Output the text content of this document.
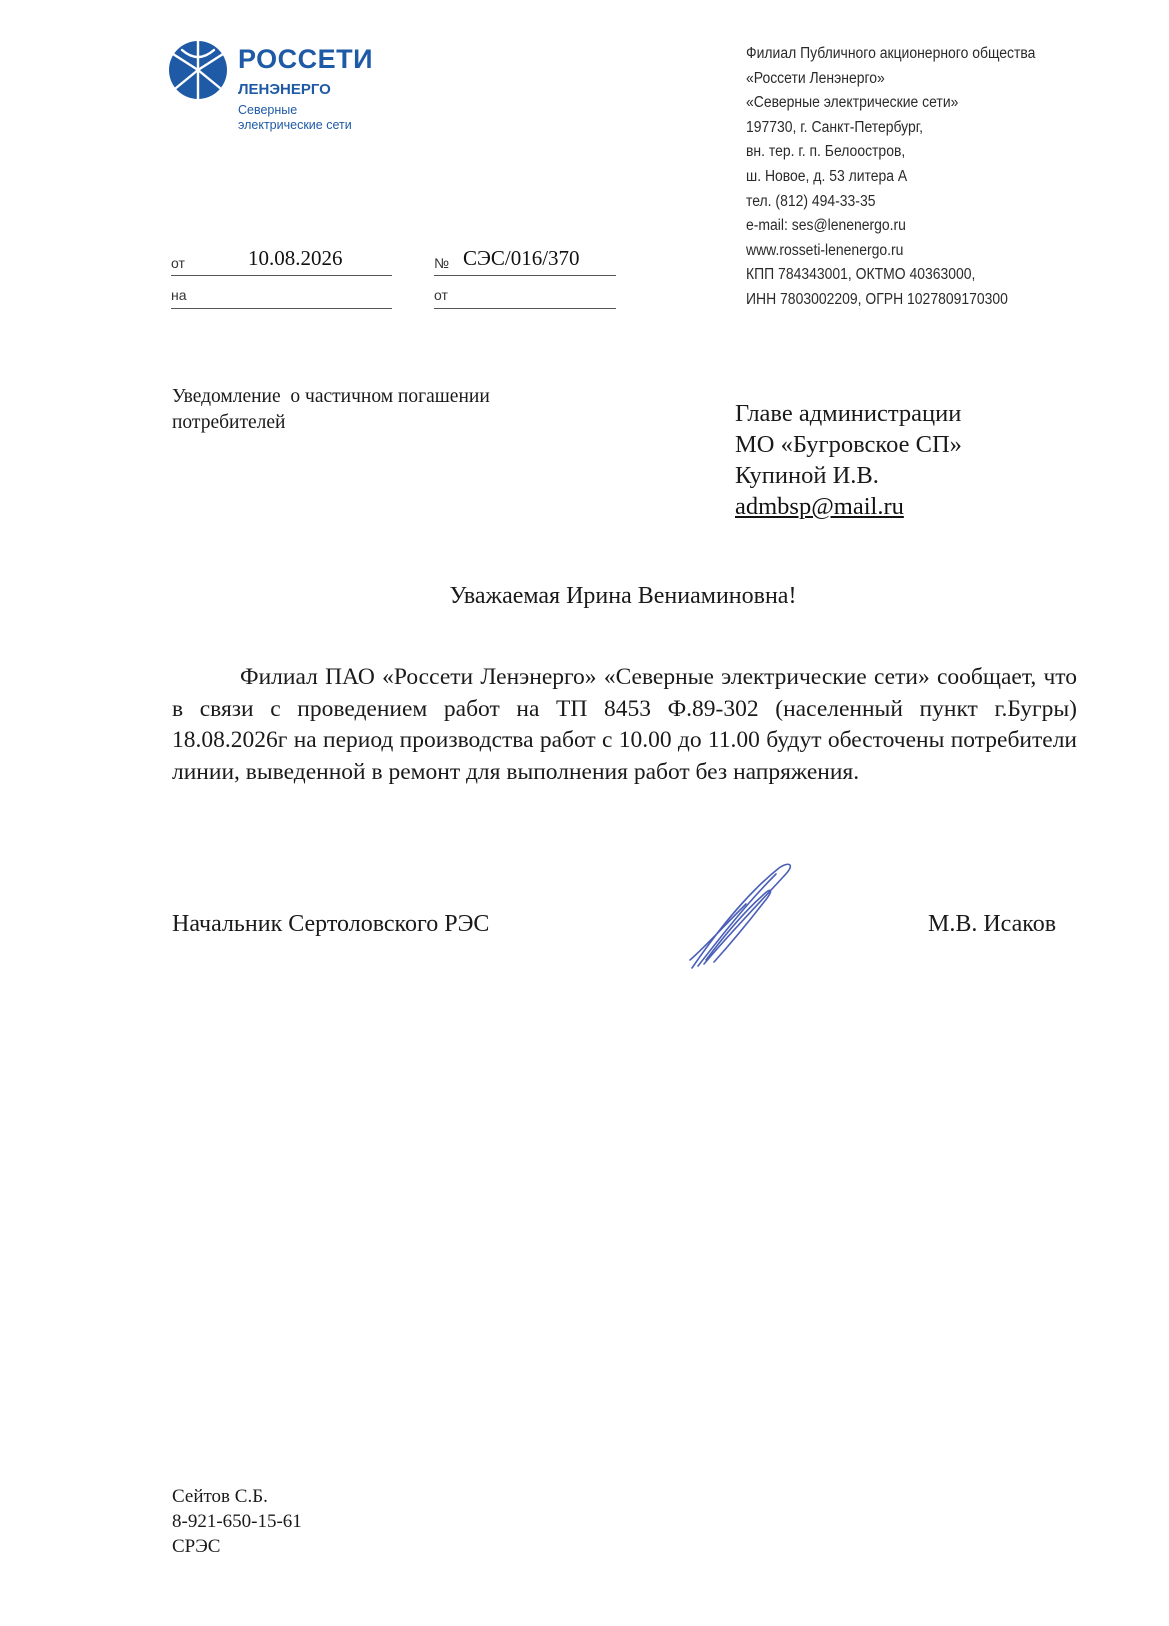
РОССЕТИ
ЛЕНЭНЕРГО
Северные
электрические сети
Филиал Публичного акционерного общества
«Россети Ленэнерго»
«Северные электрические сети»
197730, г. Санкт-Петербург,
вн. тер. г. п. Белоостров,
ш. Новое, д. 53 литера А
тел. (812) 494-33-35
e-mail: ses@lenenergo.ru
www.rosseti-lenenergo.ru
КПП 784343001, ОКТМО 40363000,
ИНН 7803002209, ОГРН 1027809170300
от	10.08.2026	№ СЭС/016/370
на	от
Уведомление  о частичном погашении
потребителей	Главе администрации
МО «Бугровское СП»
Купиной И.В.
admbsp@mail.ru
Уважаемая Ирина Вениаминовна!
Филиал ПАО «Россети Ленэнерго» «Северные электрические сети» сообщает, что в связи с проведением работ на ТП 8453 Ф.89-302 (населенный пункт г.Бугры) 18.08.2026г на период производства работ с 10.00 до 11.00 будут обесточены потребители линии, выведенной в ремонт для выполнения работ без напряжения.
Начальник Сертоловского РЭС	М.В. Исаков
Сейтов С.Б.
8-921-650-15-61
СРЭС
